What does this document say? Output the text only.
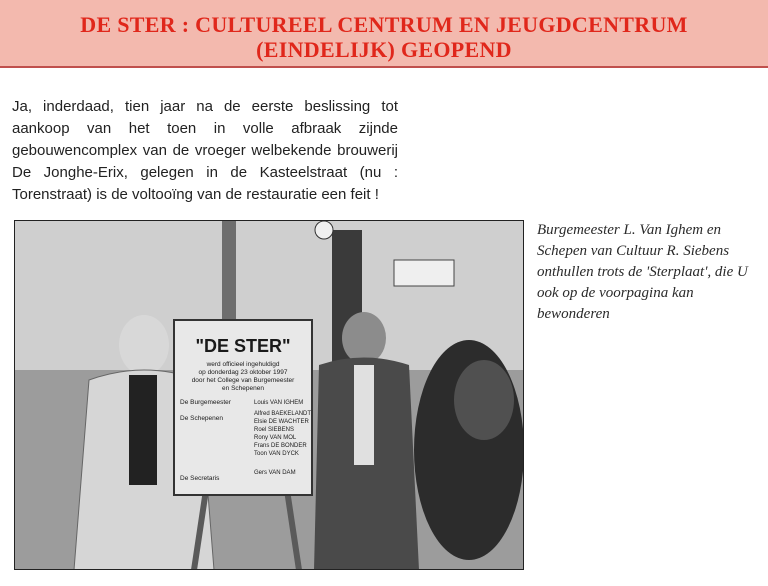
DE STER : CULTUREEL CENTRUM EN JEUGDCENTRUM
(EINDELIJK) GEOPEND

Ja, inderdaad, tien jaar na de eerste beslissing tot aankoop van het toen in volle afbraak zijnde gebouwencomplex van de vroeger welbekende brouwerij De Jonghe-Erix, gelegen in de Kasteelstraat (nu : Torenstraat) is de voltooïng van de restauratie een feit !

"DE STER"
werd officieel ingehuldigd
op donderdag 23 oktober 1997
door het College van Burgemeester
en Schepenen
De Burgemeester	Louis VAN IGHEM
De Schepenen
Alfred BAEKELANDT
Elsie DE WACHTER
Roel SIEBENS
Rony VAN MOL
Frans DE BONDER
Toon VAN DYCK
De Secretaris
Gers VAN DAM

Burgemeester L. Van Ighem en Schepen van Cultuur R. Siebens onthullen trots de 'Sterplaat', die U ook op de voorpagina kan bewonderen
